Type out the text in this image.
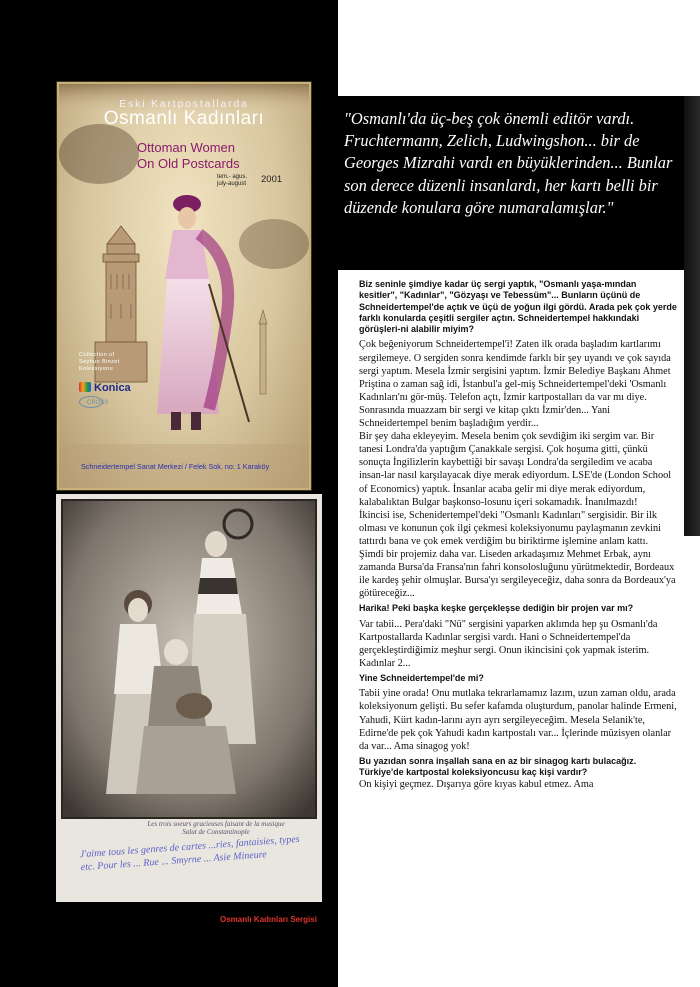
"Osmanlı'da üç-beş çok önemli editör vardı. Fruchtermann, Zelich, Ludwingshon... bir de Georges Mizrahi vardı en büyüklerinden... Bunlar son derece düzenli insanlardı, her kartı belli bir düzende konulara göre numaralamışlar."

Eski Kartpostallarda
Osmanlı Kadınları
Ottoman Women
On Old Postcards
tem.- agus.
july-august 2001
Collection of
Seyhun Binzet
Koleksiyonu
Konica
CROSS
Schneidertempel Sanat Merkezi / Felek Sok. no: 1 Karaköy
Les trois soeurs gracieuses faisant de la musique
Salut de Constantinople
J'aime tous les genres de cartes ...ries, fantaisies, types etc. Pour les ... Rue ... Smyrne ... Asie Mineure
Osmanlı Kadınları Sergisi

Biz seninle şimdiye kadar üç sergi yaptık, "Osmanlı yaşa-mından kesitler", "Kadınlar", "Gözyaşı ve Tebessüm"... Bunların üçünü de Schneidertempel'de açtık ve üçü de yoğun ilgi gördü. Arada pek çok yerde farklı konularda çeşitli sergiler açtın. Schneidertempel hakkındaki görüşleri-ni alabilir miyim?

Çok beğeniyorum Schneidertempel'i! Zaten ilk orada başladım kartlarımı sergilemeye. O sergiden sonra kendimde farklı bir şey uyandı ve çok sayıda sergi yaptım. Mesela İzmir sergisini yaptım. İzmir Belediye Başkanı Ahmet Priştina o zaman sağ idi, İstanbul'a gel-miş Schneidertempel'deki 'Osmanlı Kadınları'nı gör-müş. Telefon açtı, İzmir kartpostalları da var mı diye. Sonrasında muazzam bir sergi ve kitap çıktı İzmir'den... Yani Schneidertempel benim başladığım yerdir...

Bir şey daha ekleyeyim. Mesela benim çok sevdiğim iki sergim var. Bir tanesi Londra'da yaptığım Çanakkale sergisi. Çok hoşuma gitti, çünkü sonuçta İngilizlerin kaybettiği bir savaşı Londra'da sergiledim ve acaba insan-lar nasıl karşılayacak diye merak ediyordum. LSE'de (London School of Economics) yaptık. İnsanlar acaba gelir mi diye merak ediyordum, kalabalıktan Bulgar başkonso-losunu içeri sokamadık. İnanılmazdı!

İkincisi ise, Schenidertempel'deki "Osmanlı Kadınları" sergisidir. Bir ilk olması ve konunun çok ilgi çekmesi koleksiyonumu paylaşmanın zevkini tattırdı bana ve çok emek verdiğim bu biriktirme işlemine anlam kattı.

Şimdi bir projemiz daha var. Liseden arkadaşımız Mehmet Erbak, aynı zamanda Bursa'da Fransa'nın fahri konsolosluğunu yürütmektedir, Bordeaux ile kardeş şehir olmuşlar. Bursa'yı sergileyeceğiz, daha sonra da Bordeaux'ya götüreceğiz...

Harika! Peki başka keşke gerçekleşse dediğin bir projen var mı?

Var tabii... Pera'daki "Nü" sergisini yaparken aklımda hep şu Osmanlı'da Kartpostallarda Kadınlar sergisi vardı. Hani o Schneidertempel'da gerçekleştirdiğimiz meşhur sergi. Onun ikincisini çok yapmak isterim. Kadınlar 2...

Yine Schneidertempel'de mi?

Tabii yine orada! Onu mutlaka tekrarlamamız lazım, uzun zaman oldu, arada koleksiyonum gelişti. Bu sefer kafamda oluşturdum, panolar halinde Ermeni, Yahudi, Kürt kadın-larını ayrı ayrı sergileyeceğim. Mesela Selanik'te, Edirne'de pek çok Yahudi kadın kartpostalı var... İçlerinde müzisyen olanlar da var... Ama sinagog yok!

Bu yazıdan sonra inşallah sana en az bir sinagog kartı bulacağız. Türkiye'de kartpostal koleksiyoncusu kaç kişi vardır?

On kişiyi geçmez. Dışarıya göre kıyas kabul etmez. Ama
